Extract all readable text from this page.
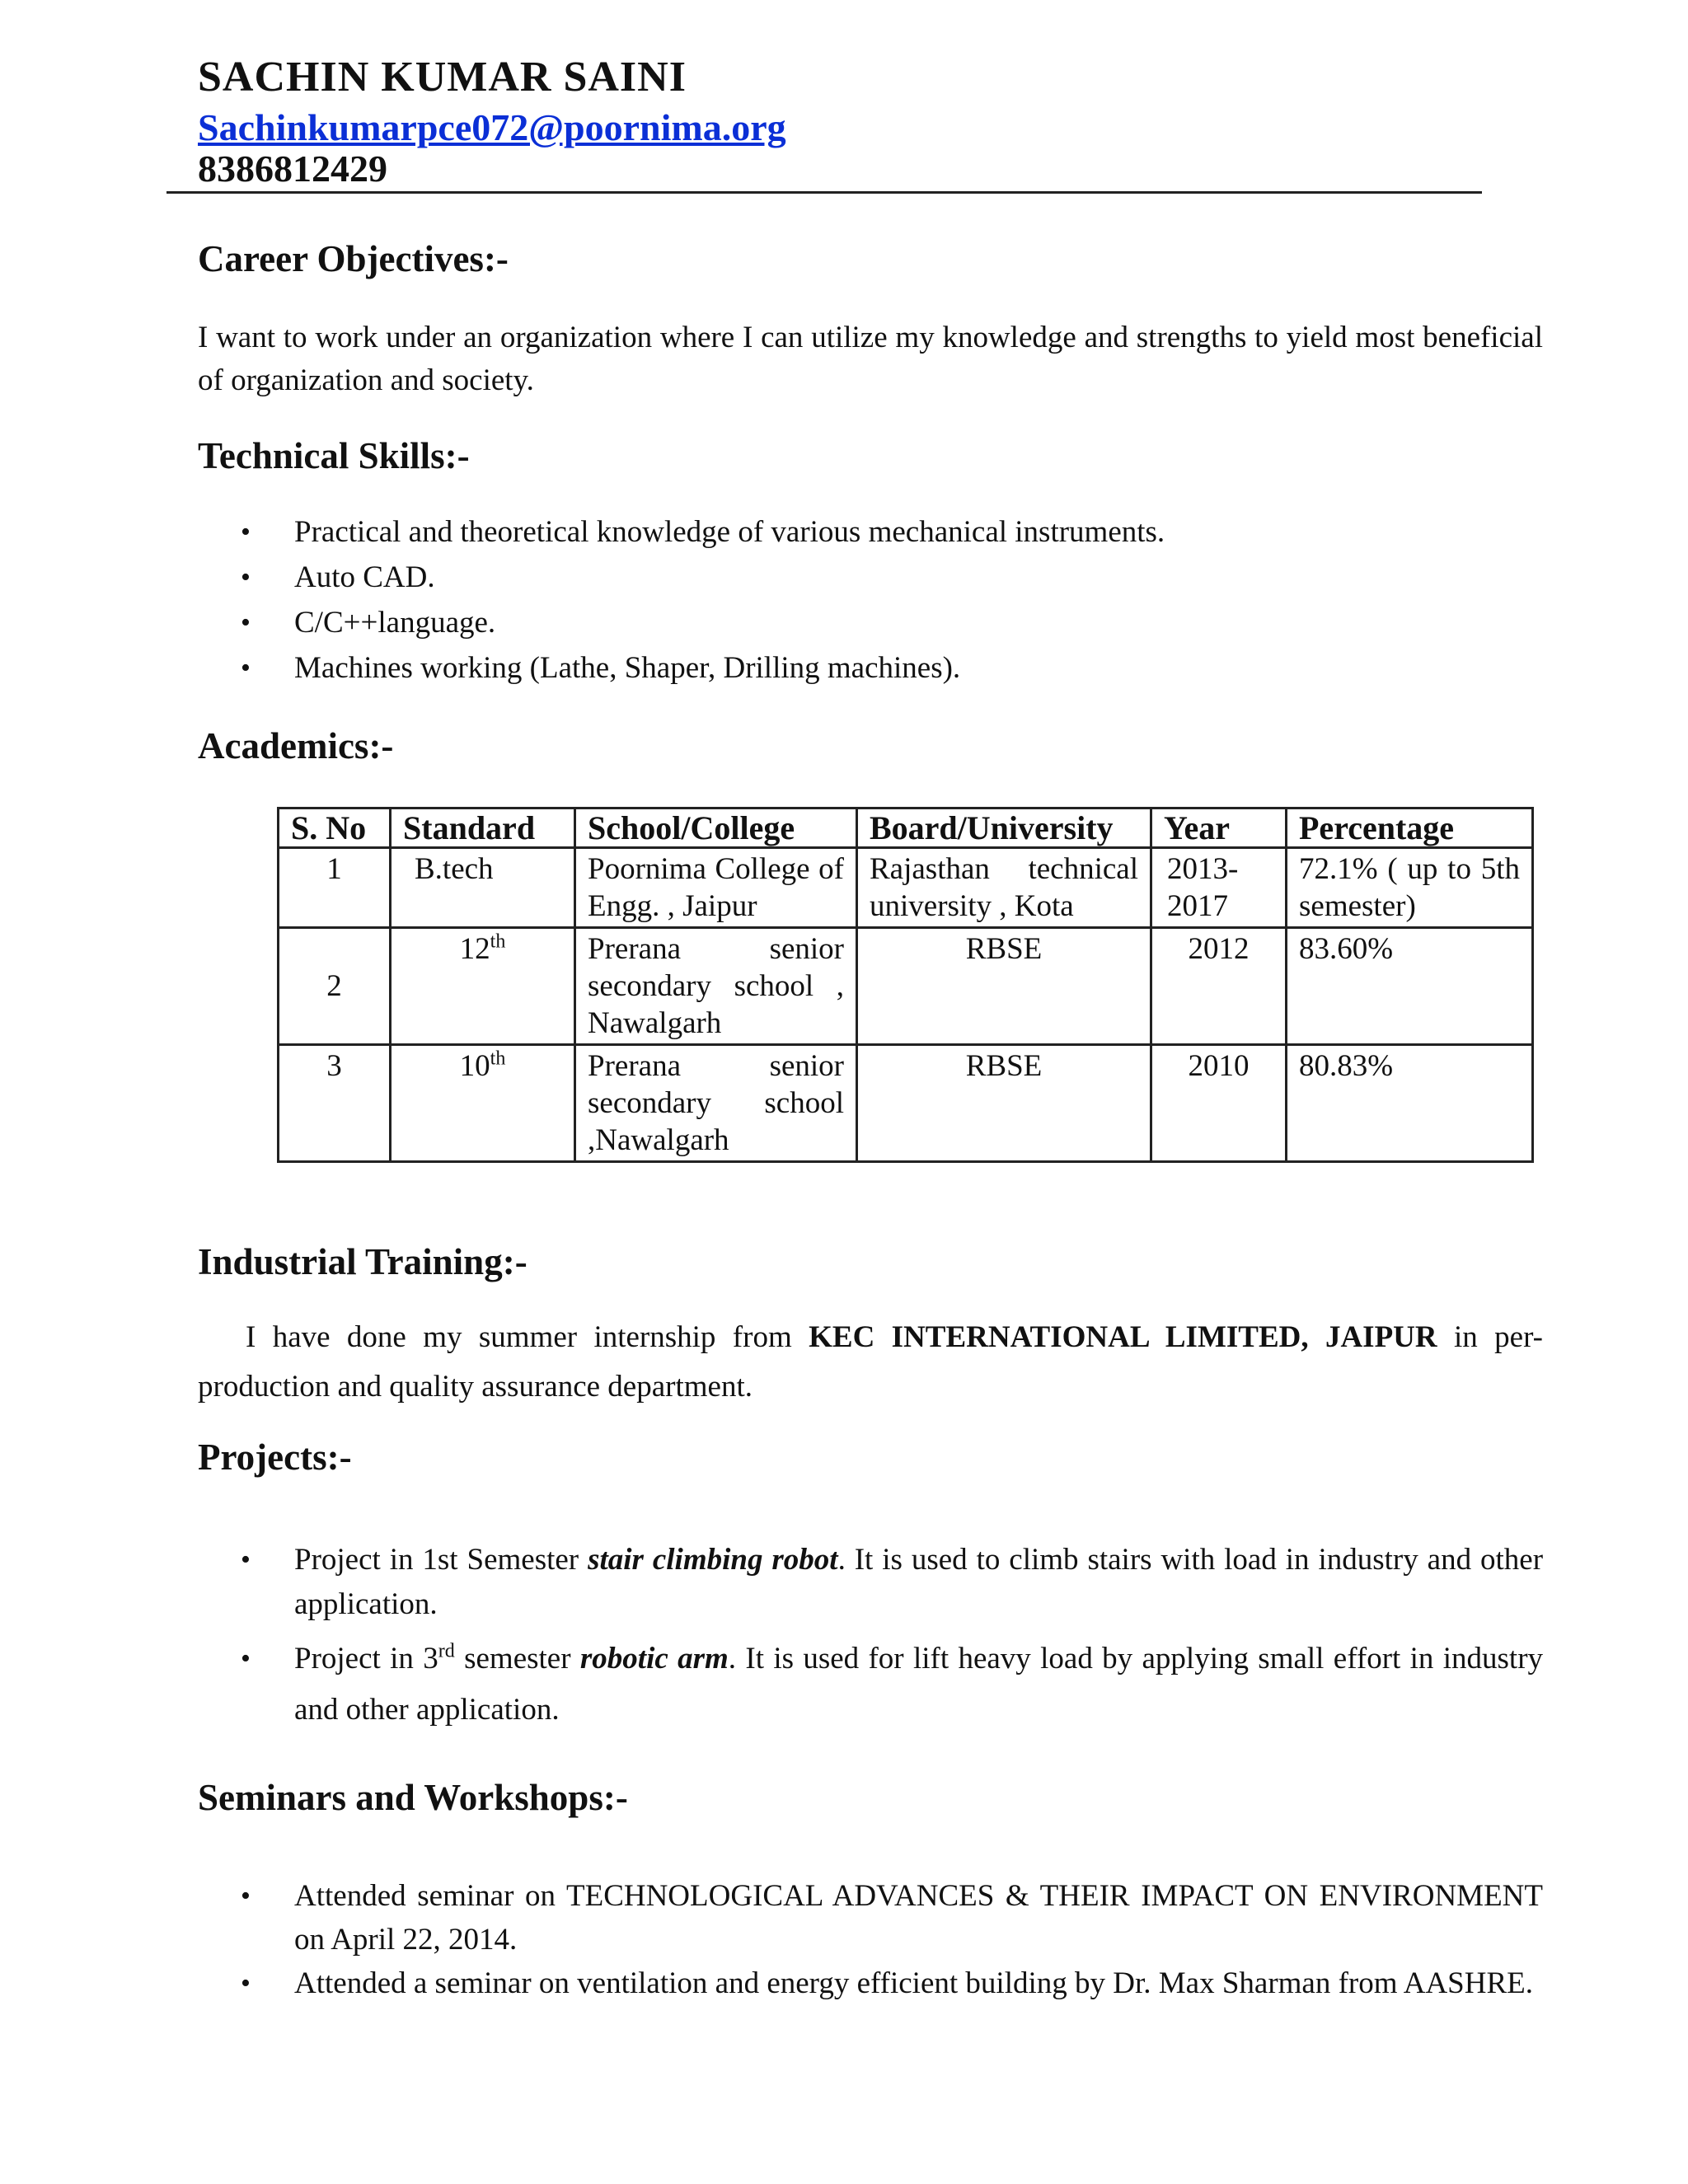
SACHIN KUMAR SAINI
Sachinkumarpce072@poornima.org
8386812429
Career Objectives:-

I want to work under an organization where I can utilize my knowledge and strengths to yield most beneficial of organization and society.

Technical Skills:-
• Practical and theoretical knowledge of various mechanical instruments.
• Auto CAD.
• C/C++language.
• Machines working (Lathe, Shaper, Drilling machines).
Academics:-
S. No	Standard	School/College	Board/University	Year	Percentage
1	B.tech	Poornima College of Engg. , Jaipur	Rajasthan technical university , Kota	2013-2017	72.1% ( up to 5th semester)
2	12th	Prerana senior secondary school , Nawalgarh	RBSE	2012	83.60%
3	10th	Prerana senior secondary school ,Nawalgarh	RBSE	2010	80.83%
Industrial Training:-

I have done my summer internship from KEC INTERNATIONAL LIMITED, JAIPUR in per-production and quality assurance department.

Projects:-
• Project in 1st Semester stair climbing robot. It is used to climb stairs with load in industry and other application.
• Project in 3rd semester robotic arm. It is used for lift heavy load by applying small effort in industry and other application.
Seminars and Workshops:-
• Attended seminar on TECHNOLOGICAL ADVANCES & THEIR IMPACT ON ENVIRONMENT on April 22, 2014.
• Attended a seminar on ventilation and energy efficient building by Dr. Max Sharman from AASHRE.
